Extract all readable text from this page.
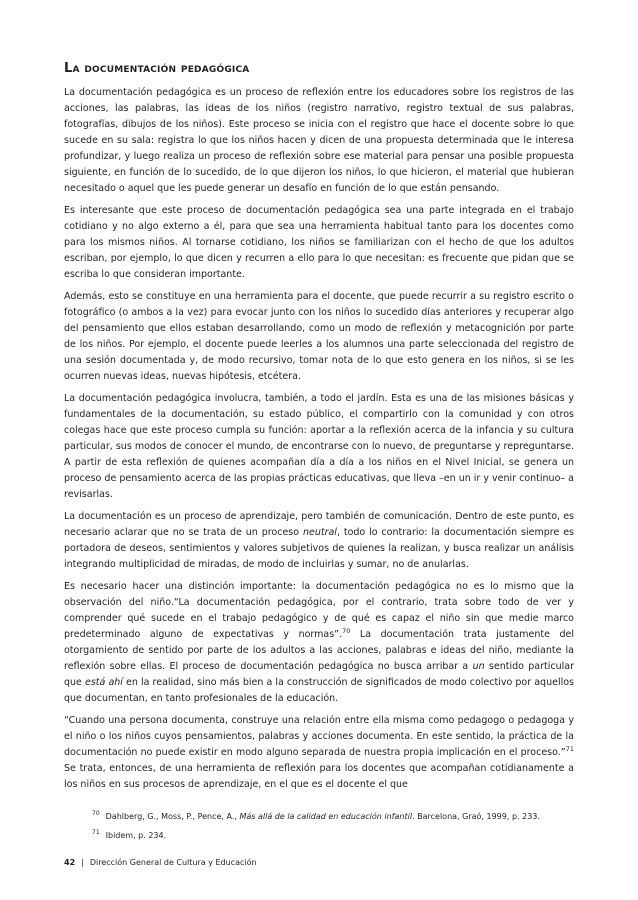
La documentación pedagógica

La documentación pedagógica es un proceso de reflexión entre los educadores sobre los registros de las acciones, las palabras, las ideas de los niños (registro narrativo, registro textual de sus palabras, fotografías, dibujos de los niños). Este proceso se inicia con el registro que hace el docente sobre lo que sucede en su sala: registra lo que los niños hacen y dicen de una propuesta determinada que le interesa profundizar, y luego realiza un proceso de reflexión sobre ese material para pensar una posible propuesta siguiente, en función de lo sucedido, de lo que dijeron los niños, lo que hicieron, el material que hubieran necesitado o aquel que les puede generar un desafío en función de lo que están pensando.

Es interesante que este proceso de documentación pedagógica sea una parte integrada en el trabajo cotidiano y no algo externo a él, para que sea una herramienta habitual tanto para los docentes como para los mismos niños. Al tornarse cotidiano, los niños se familiarizan con el hecho de que los adultos escriban, por ejemplo, lo que dicen y recurren a ello para lo que necesitan: es frecuente que pidan que se escriba lo que consideran importante.

Además, esto se constituye en una herramienta para el docente, que puede recurrir a su registro escrito o fotográfico (o ambos a la vez) para evocar junto con los niños lo sucedido días anteriores y recuperar algo del pensamiento que ellos estaban desarrollando, como un modo de reflexión y metacognición por parte de los niños. Por ejemplo, el docente puede leerles a los alumnos una parte seleccionada del registro de una sesión documentada y, de modo recursivo, tomar nota de lo que esto genera en los niños, si se les ocurren nuevas ideas, nuevas hipótesis, etcétera.

La documentación pedagógica involucra, también, a todo el jardín. Esta es una de las misiones básicas y fundamentales de la documentación, su estado público, el compartirlo con la comunidad y con otros colegas hace que este proceso cumpla su función: aportar a la reflexión acerca de la infancia y su cultura particular, sus modos de conocer el mundo, de encontrarse con lo nuevo, de preguntarse y repreguntarse. A partir de esta reflexión de quienes acompañan día a día a los niños en el Nivel Inicial, se genera un proceso de pensamiento acerca de las propias prácticas educativas, que lleva –en un ir y venir continuo– a revisarlas.

La documentación es un proceso de aprendizaje, pero también de comunicación. Dentro de este punto, es necesario aclarar que no se trata de un proceso neutral, todo lo contrario: la documentación siempre es portadora de deseos, sentimientos y valores subjetivos de quienes la realizan, y busca realizar un análisis integrando multiplicidad de miradas, de modo de incluirlas y sumar, no de anularlas.

Es necesario hacer una distinción importante: la documentación pedagógica no es lo mismo que la observación del niño.“La documentación pedagógica, por el contrario, trata sobre todo de ver y comprender qué sucede en el trabajo pedagógico y de qué es capaz el niño sin que medie marco predeterminado alguno de expectativas y normas”.$^{70}$ La documentación trata justamente del otorgamiento de sentido por parte de los adultos a las acciones, palabras e ideas del niño, mediante la reflexión sobre ellas. El proceso de documentación pedagógica no busca arribar a un sentido particular que está ahí en la realidad, sino más bien a la construcción de significados de modo colectivo por aquellos que documentan, en tanto profesionales de la educación.

“Cuando una persona documenta, construye una relación entre ella misma como pedagogo o pedagoga y el niño o los niños cuyos pensamientos, palabras y acciones documenta. En este sentido, la práctica de la documentación no puede existir en modo alguno separada de nuestra propia implicación en el proceso.”$^{71}$ Se trata, entonces, de una herramienta de reflexión para los docentes que acompañan cotidianamente a los niños en sus procesos de aprendizaje, en el que es el docente el que

$^{70}$ Dahlberg, G., Moss, P., Pence, A., Más allá de la calidad en educación infantil. Barcelona, Graó, 1999, p. 233.

$^{71}$ Ibidem, p. 234.

42 | Dirección General de Cultura y Educación
